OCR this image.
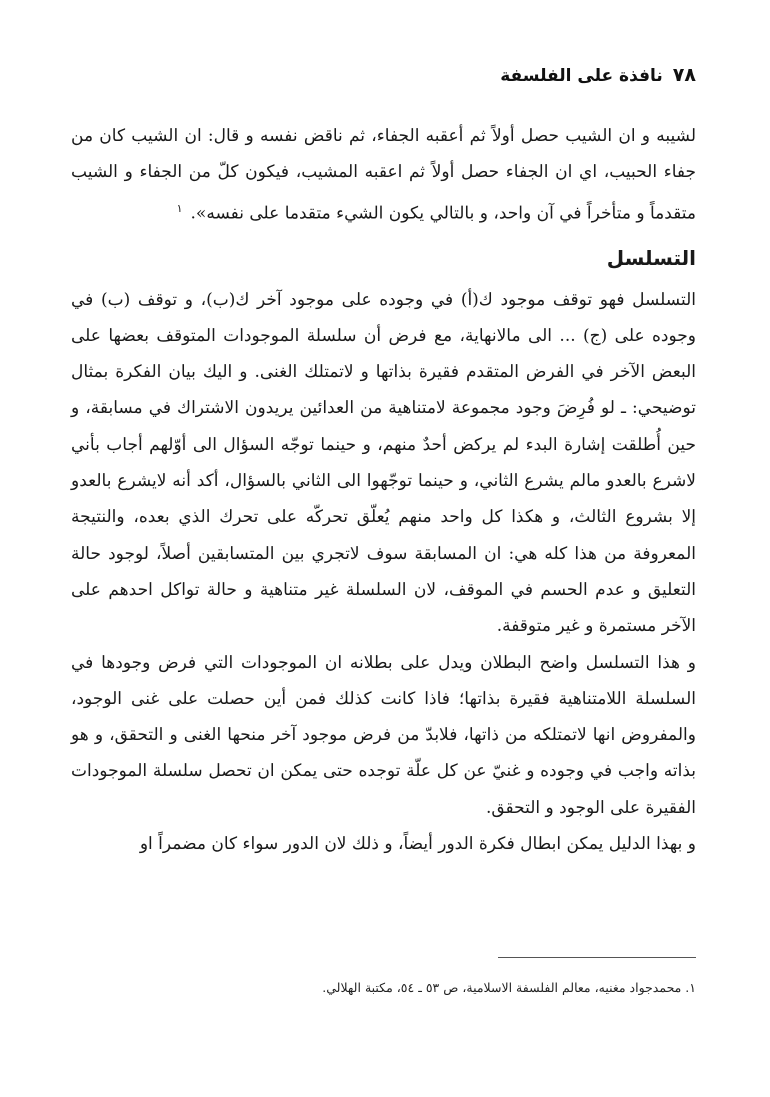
٧٨
نافذة على الفلسفة

لشيبه و ان الشيب حصل أولاً ثم أعقبه الجفاء، ثم ناقض نفسه و قال: ان الشيب كان من جفاء الحبيب، اي ان الجفاء حصل أولاً ثم اعقبه المشيب، فيكون كلّ من الجفاء و الشيب متقدماً و متأخراً في آن واحد، و بالتالي يكون الشيء متقدما على نفسه».$^١$

التسلسل

التسلسل فهو توقف موجود ك(أ) في وجوده على موجود آخر ك(ب)، و توقف (ب) في وجوده على (ج) ... الى مالانهاية، مع فرض أن سلسلة الموجودات المتوقف بعضها على البعض الآخر في الفرض المتقدم فقيرة بذاتها و لاتمتلك الغنى. و اليك بيان الفكرة بمثال توضيحي: ـ لو فُرِضَ وجود مجموعة لامتناهية من العدائين يريدون الاشتراك في مسابقة، و حين أُطلقت إشارة البدء لم يركض أحدٌ منهم، و حينما توجّه السؤال الى أوّلهم أجاب بأني لاشرع بالعدو مالم يشرع الثاني، و حينما توجّهوا الى الثاني بالسؤال، أكد أنه لايشرع بالعدو إلا بشروع الثالث، و هكذا كل واحد منهم يُعلّق تحركّه على تحرك الذي بعده، والنتيجة المعروفة من هذا كله هي: ان المسابقة سوف لاتجري بين المتسابقين أصلاً، لوجود حالة التعليق و عدم الحسم في الموقف، لان السلسلة غير متناهية و حالة تواكل احدهم على الآخر مستمرة و غير متوقفة.

و هذا التسلسل واضح البطلان ويدل على بطلانه ان الموجودات التي فرض وجودها في السلسلة اللامتناهية فقيرة بذاتها؛ فاذا كانت كذلك فمن أين حصلت على غنى الوجود، والمفروض انها لاتمتلكه من ذاتها، فلابدّ من فرض موجود آخر منحها الغنى و التحقق، و هو بذاته واجب في وجوده و غنيّ عن كل علّة توجده حتى يمكن ان تحصل سلسلة الموجودات الفقيرة على الوجود و التحقق.

و بهذا الدليل يمكن ابطال فكرة الدور أيضاً، و ذلك لان الدور سواء كان مضمراً او

١. محمدجواد مغنيه، معالم الفلسفة الاسلامية، ص ٥٣ ـ ٥٤، مكتبة الهلالي.
